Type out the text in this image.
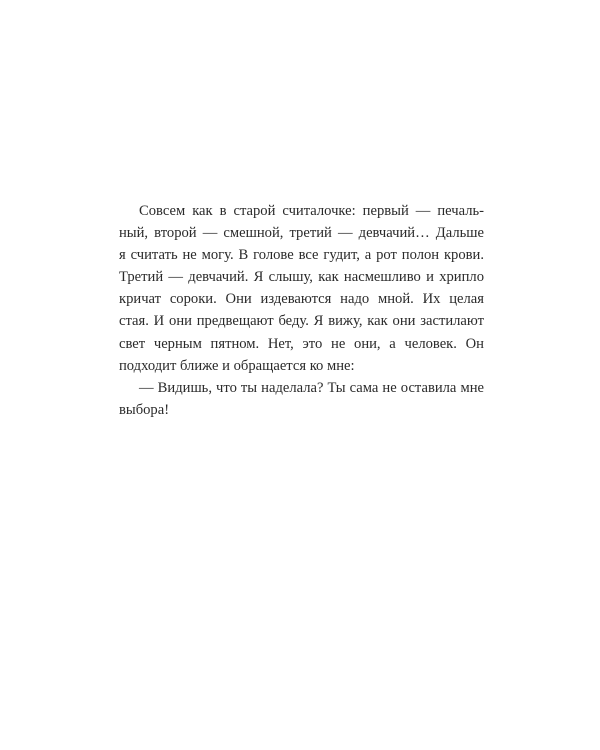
Совсем как в старой считалочке: первый — печаль-
ный, второй — смешной, третий — девчачий… Дальше
я считать не могу. В голове все гудит, а рот полон крови.
Третий — девчачий. Я слышу, как насмешливо и хрипло
кричат сороки. Они издеваются надо мной. Их целая
стая. И они предвещают беду. Я вижу, как они застилают
свет черным пятном. Нет, это не они, а человек. Он
подходит ближе и обращается ко мне:
— Видишь, что ты наделала? Ты сама не оставила мне
выбора!
